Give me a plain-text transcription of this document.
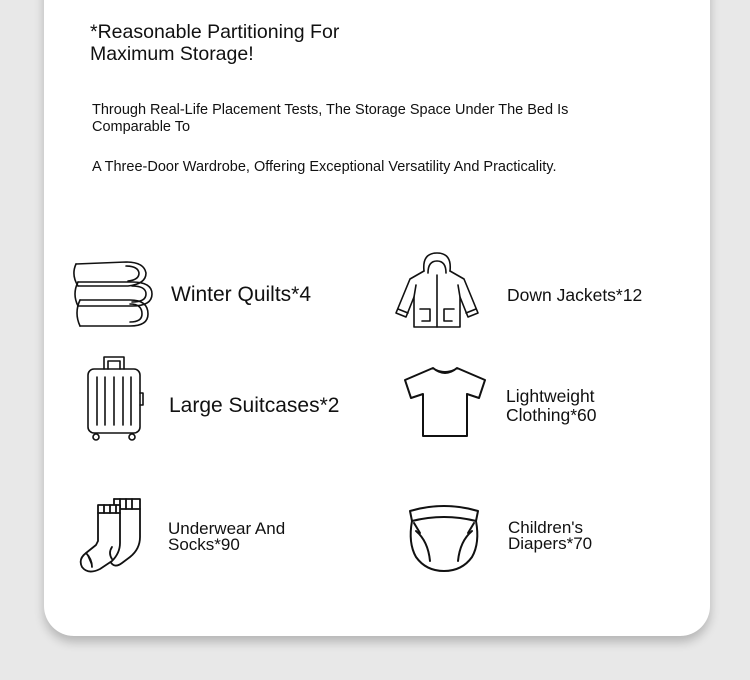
*Reasonable Partitioning For Maximum Storage!

Through Real-Life Placement Tests, The Storage Space Under The Bed Is Comparable To

A Three-Door Wardrobe, Offering Exceptional Versatility And Practicality.

Winter Quilts*4	Down Jackets*12
Large Suitcases*2	Lightweight Clothing*60
Underwear And Socks*90
Children's Diapers*70
